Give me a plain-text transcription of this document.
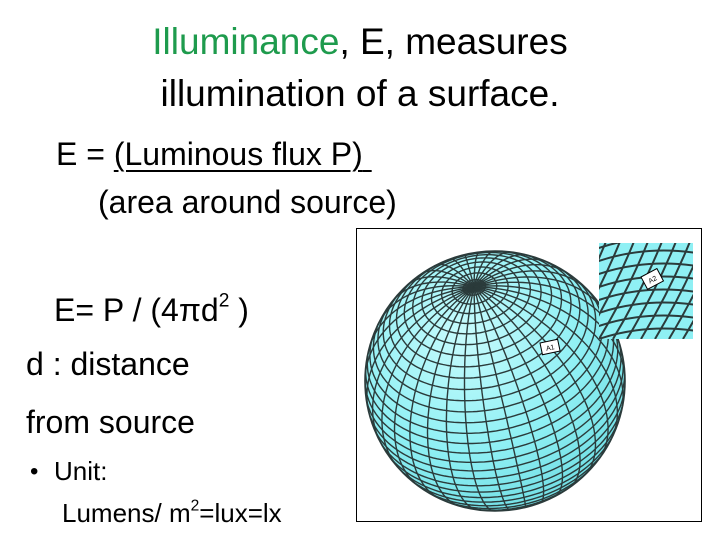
Illuminance, E, measures
illumination of a surface.
E = (Luminous flux P)
(area around source)
$E= P / (4\pi d^2$ )
d : distance
from source
• Unit:
Lumens/ $m^2=lux=lx$
A1
A2
